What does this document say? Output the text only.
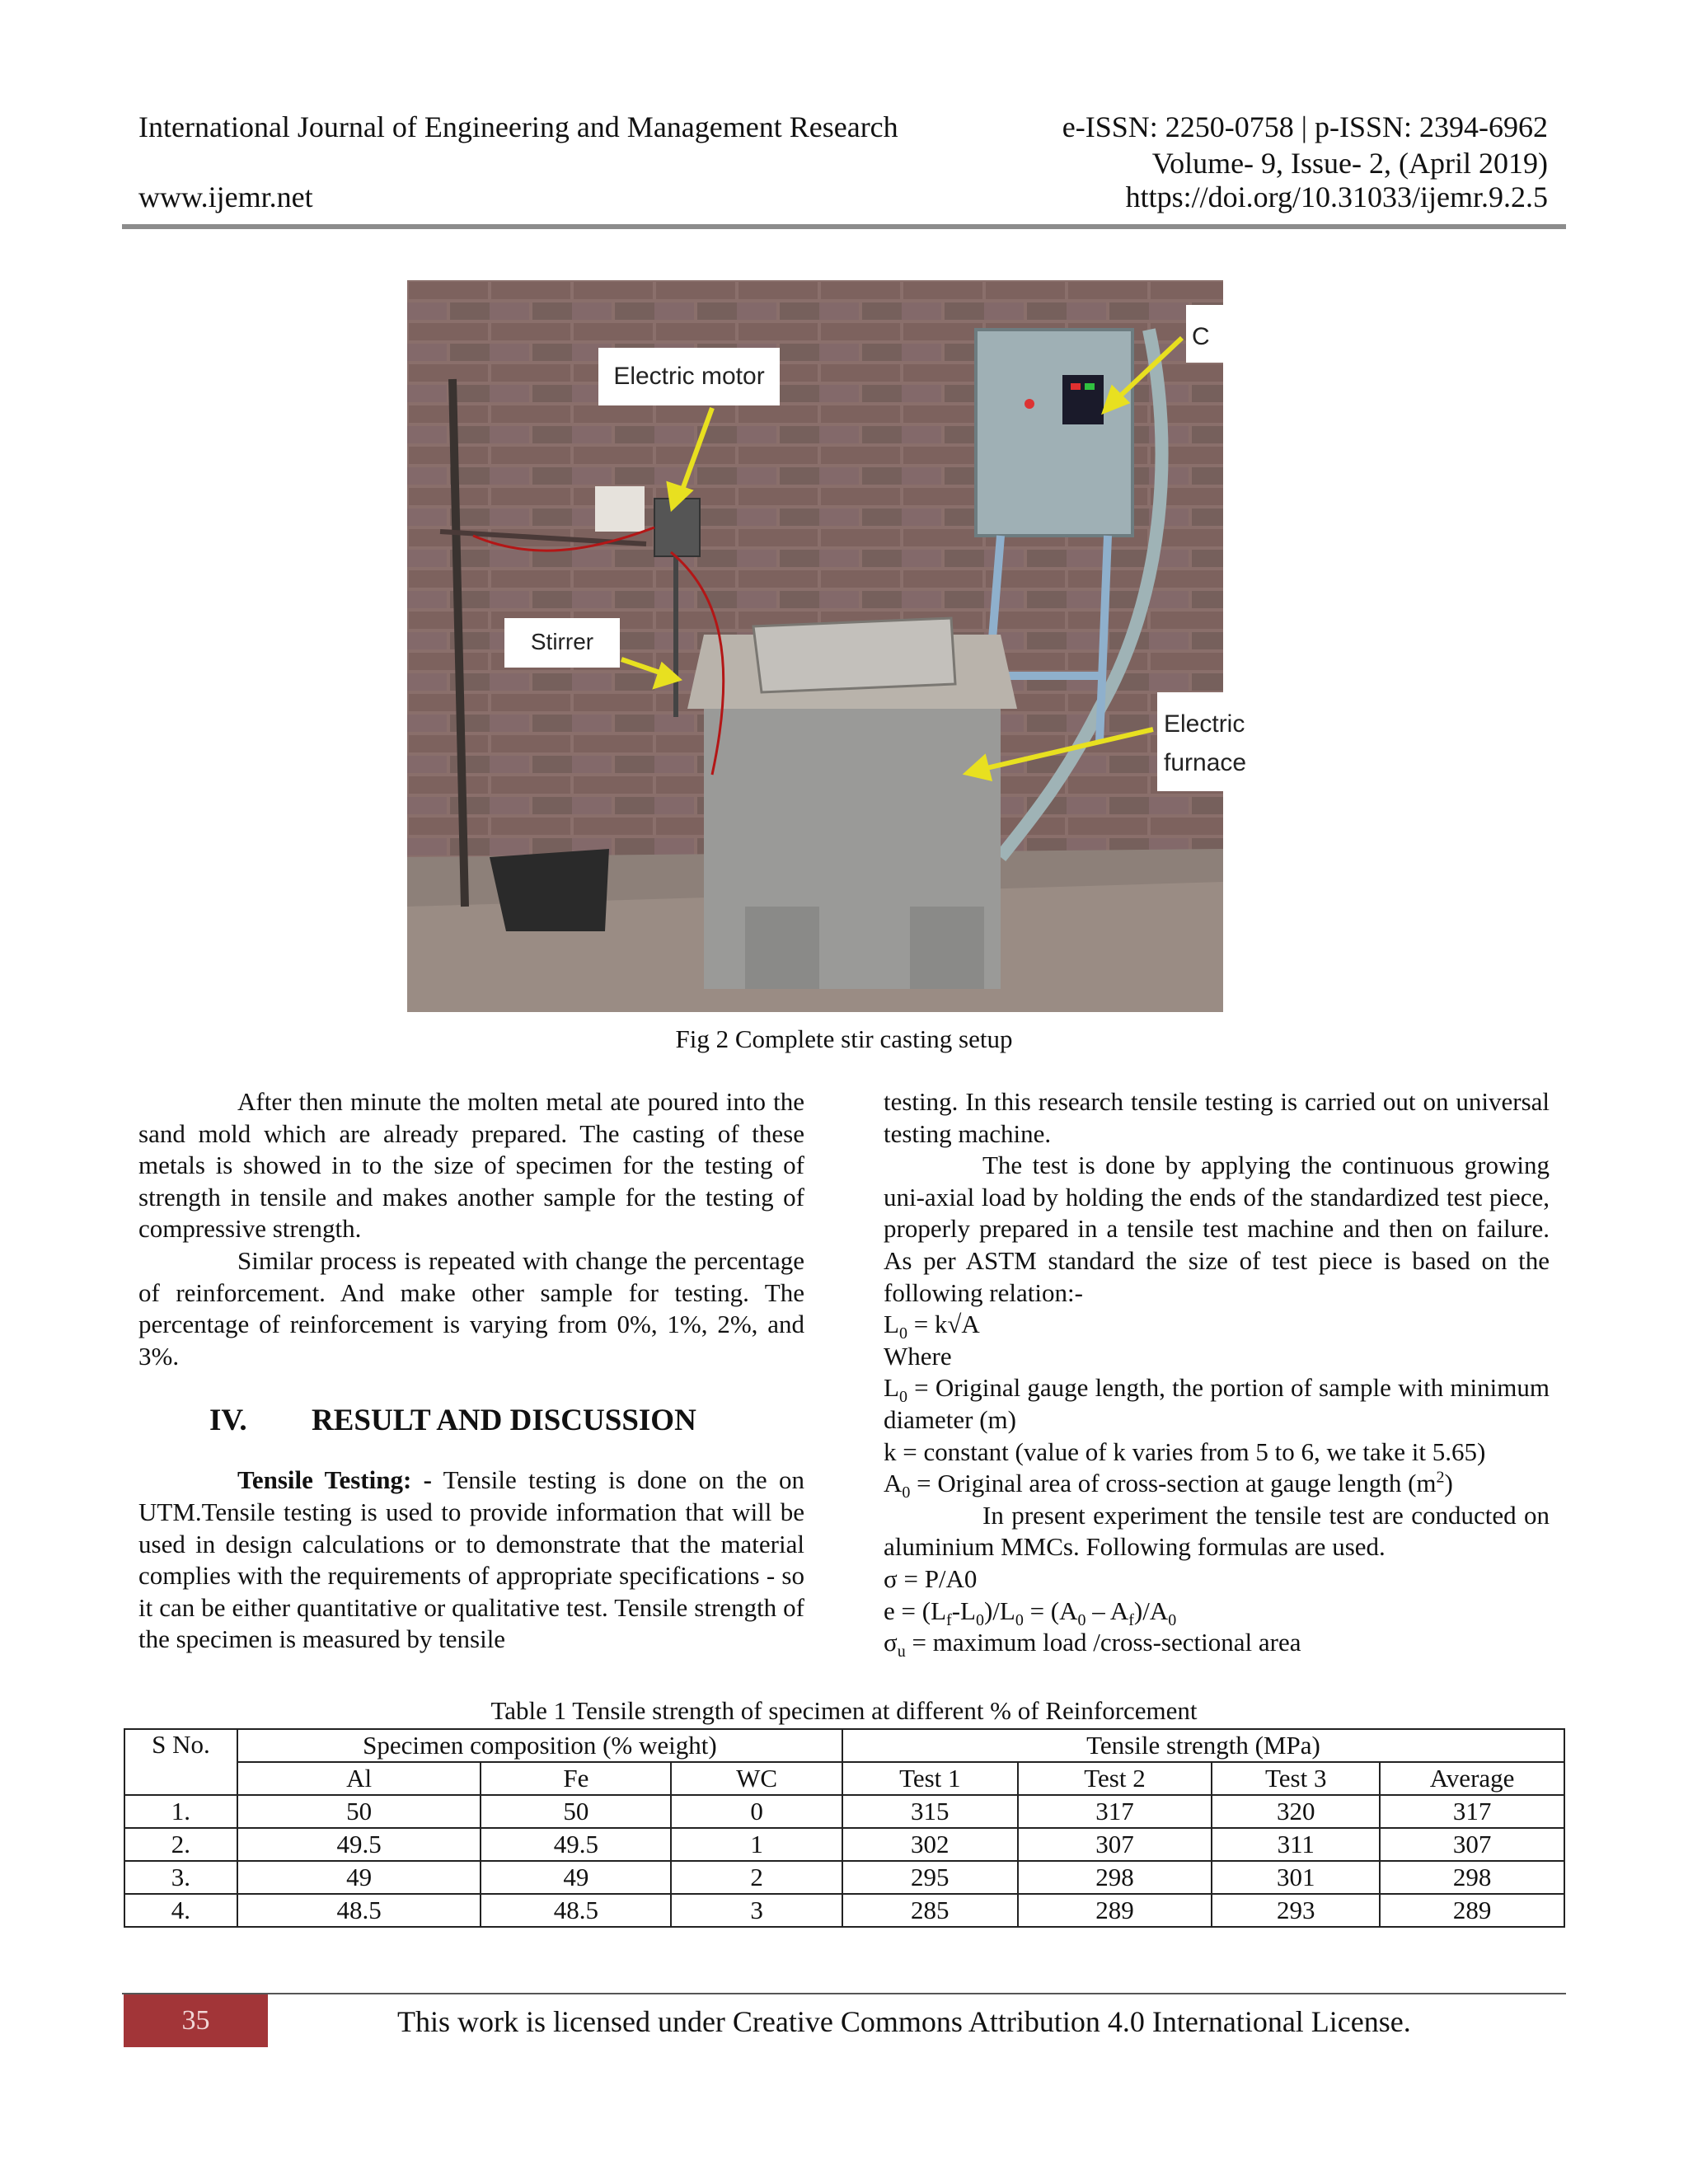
International Journal of Engineering and Management Research	e-ISSN: 2250-0758 | p-ISSN: 2394-6962
Volume- 9, Issue- 2, (April 2019)
www.ijemr.net	https://doi.org/10.31033/ijemr.9.2.5
Electric motor
Stirrer
Electric
furnace
C
Fig 2 Complete stir casting setup

After then minute the molten metal ate poured into the sand mold which are already prepared. The casting of these metals is showed in to the size of specimen for the testing of strength in tensile and makes another sample for the testing of compressive strength.

Similar process is repeated with change the percentage of reinforcement. And make other sample for testing. The percentage of reinforcement is varying from 0%, 1%, 2%, and 3%.

IV. RESULT AND DISCUSSION

Tensile Testing: - Tensile testing is done on the on UTM.Tensile testing is used to provide information that will be used in design calculations or to demonstrate that the material complies with the requirements of appropriate specifications - so it can be either quantitative or qualitative test. Tensile strength of the specimen is measured by tensile

testing. In this research tensile testing is carried out on universal testing machine.

The test is done by applying the continuous growing uni-axial load by holding the ends of the standardized test piece, properly prepared in a tensile test machine and then on failure. As per ASTM standard the size of test piece is based on the following relation:-

$L_0 = k√A$

Where

$L_0$ = Original gauge length, the portion of sample with minimum diameter (m)

k = constant (value of k varies from 5 to 6, we take it 5.65)

$A_0$ = Original area of cross-section at gauge length $(m^2)$

In present experiment the tensile test are conducted on aluminium MMCs. Following formulas are used.

σ = P/A0

$e = (L_f-L_0)/L_0 = (A_0 - A_f)/A_0$

$\sigma_u$ = maximum load /cross-sectional area

Table 1 Tensile strength of specimen at different % of Reinforcement
S No.	Specimen composition (% weight)			Tensile strength (MPa)			
	Al	Fe	WC	Test 1	Test 2	Test 3	Average
1.	50	50	0	315	317	320	317
2.	49.5	49.5	1	302	307	311	307
3.	49	49	2	295	298	301	298
4.	48.5	48.5	3	285	289	293	289
35	This work is licensed under Creative Commons Attribution 4.0 International License.
